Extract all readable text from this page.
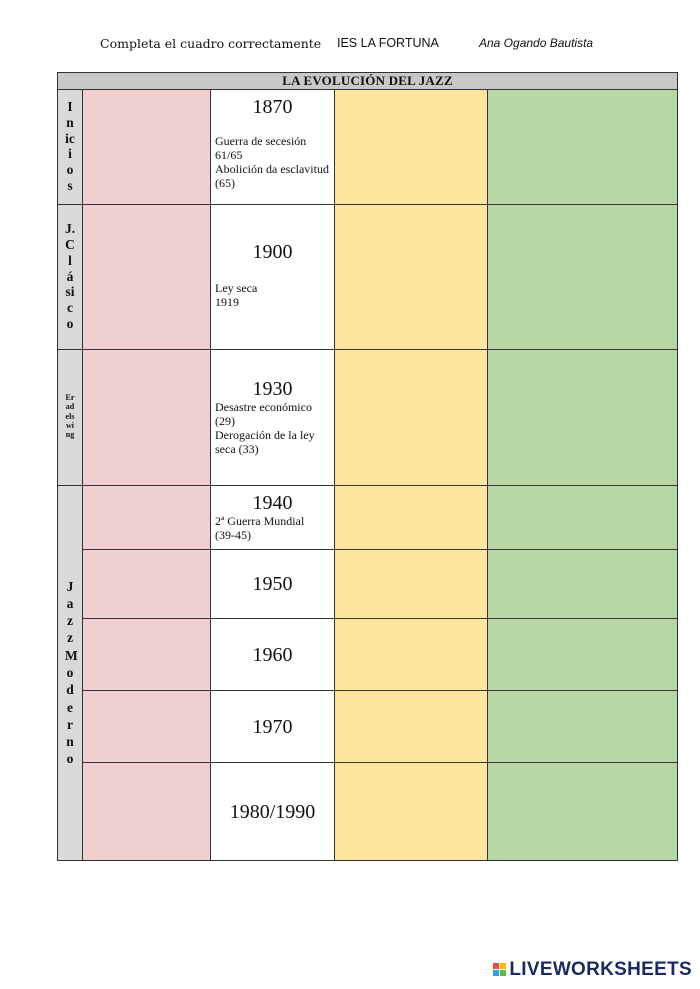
Completa el cuadro correctamente IES LA FORTUNA	Ana Ogando Bautista
LA EVOLUCIÓN DEL JAZZ				
Inicios		1870
Guerra de secesión
61/65
Abolición da esclavitud
(65)		

J.Clásico		1900
Ley seca
1919		

Eradelswing		1930
Desastre económico
(29)
Derogación de la ley
seca (33)		

Jazz Moderno		1940
2ª Guerra Mundial
(39-45)		

		1950		

		1960		

		1970		

		1980/1990		

LIVEWORKSHEETS
